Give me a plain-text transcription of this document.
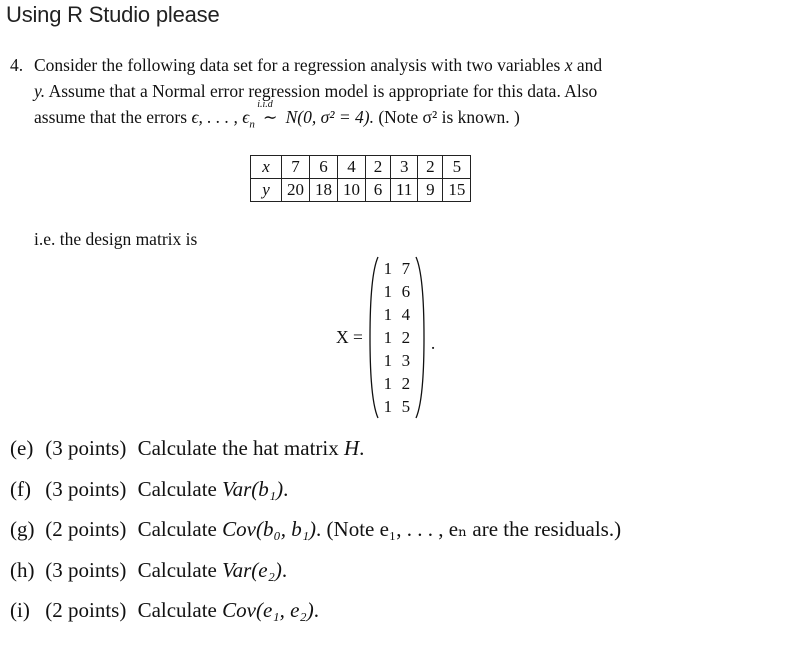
Using R Studio please
4. Consider the following data set for a regression analysis with two variables x and
y. Assume that a Normal error regression model is appropriate for this data. Also
assume that the errors ϵ, . . . , $\epsilon_n$
i.i.d
∼ N(0, σ² = 4). (Note σ² is known. )
x	7	6	4	2	3	2	5
y	20	18	10	6	11	9	15
i.e. the design matrix is
X =
1 7
1 6
1 4
1 2
1 3
1 2
1 5
.
(e) (3 points) Calculate the hat matrix H.
(f) (3 points) Calculate Var(b₁).
(g) (2 points) Calculate Cov(b₀, b₁). (Note e₁, . . . , eₙ are the residuals.)
(h) (3 points) Calculate Var(e₂).
(i) (2 points) Calculate Cov(e₁, e₂).
